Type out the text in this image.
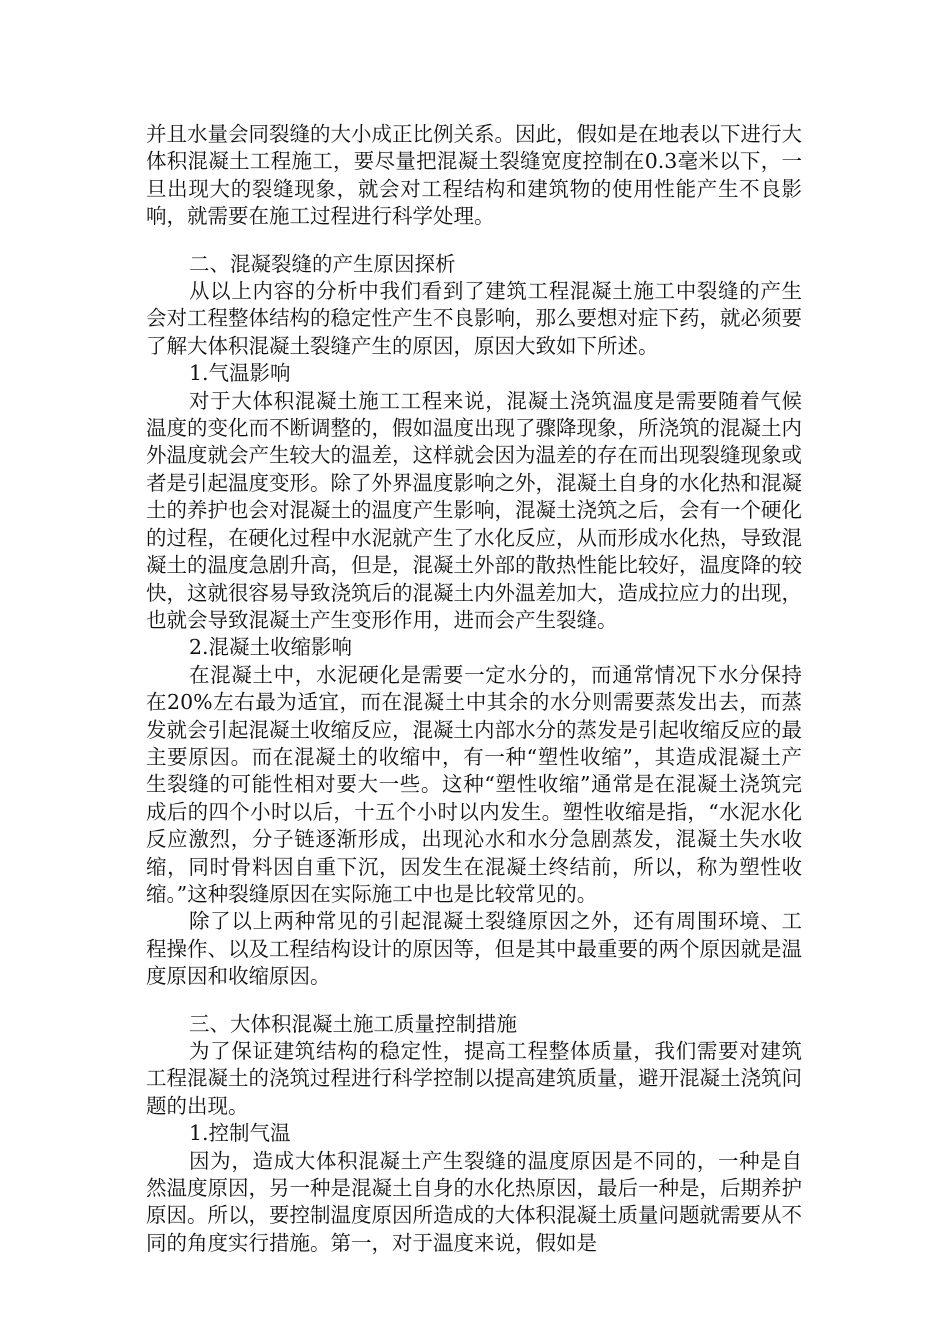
并且水量会同裂缝的大小成正比例关系。因此，假如是在地表以下进行大体积混凝土工程施工，要尽量把混凝土裂缝宽度控制在0.3毫米以下，一旦出现大的裂缝现象，就会对工程结构和建筑物的使用性能产生不良影响，就需要在施工过程进行科学处理。

二、混凝裂缝的产生原因探析

从以上内容的分析中我们看到了建筑工程混凝土施工中裂缝的产生会对工程整体结构的稳定性产生不良影响，那么要想对症下药，就必须要了解大体积混凝土裂缝产生的原因，原因大致如下所述。

1.气温影响

对于大体积混凝土施工工程来说，混凝土浇筑温度是需要随着气候温度的变化而不断调整的，假如温度出现了骤降现象，所浇筑的混凝土内外温度就会产生较大的温差，这样就会因为温差的存在而出现裂缝现象或者是引起温度变形。除了外界温度影响之外，混凝土自身的水化热和混凝土的养护也会对混凝土的温度产生影响，混凝土浇筑之后，会有一个硬化的过程，在硬化过程中水泥就产生了水化反应，从而形成水化热，导致混凝土的温度急剧升高，但是，混凝土外部的散热性能比较好，温度降的较快，这就很容易导致浇筑后的混凝土内外温差加大，造成拉应力的出现，也就会导致混凝土产生变形作用，进而会产生裂缝。

2.混凝土收缩影响

在混凝土中，水泥硬化是需要一定水分的，而通常情况下水分保持在20%左右最为适宜，而在混凝土中其余的水分则需要蒸发出去，而蒸发就会引起混凝土收缩反应，混凝土内部水分的蒸发是引起收缩反应的最主要原因。而在混凝土的收缩中，有一种“塑性收缩”，其造成混凝土产生裂缝的可能性相对要大一些。这种“塑性收缩”通常是在混凝土浇筑完成后的四个小时以后，十五个小时以内发生。塑性收缩是指，“水泥水化反应激烈，分子链逐渐形成，出现沁水和水分急剧蒸发，混凝土失水收缩，同时骨料因自重下沉，因发生在混凝土终结前，所以，称为塑性收缩。”这种裂缝原因在实际施工中也是比较常见的。

除了以上两种常见的引起混凝土裂缝原因之外，还有周围环境、工程操作、以及工程结构设计的原因等，但是其中最重要的两个原因就是温度原因和收缩原因。

三、大体积混凝土施工质量控制措施

为了保证建筑结构的稳定性，提高工程整体质量，我们需要对建筑工程混凝土的浇筑过程进行科学控制以提高建筑质量，避开混凝土浇筑问题的出现。

1.控制气温

因为，造成大体积混凝土产生裂缝的温度原因是不同的，一种是自然温度原因，另一种是混凝土自身的水化热原因，最后一种是，后期养护原因。所以，要控制温度原因所造成的大体积混凝土质量问题就需要从不同的角度实行措施。第一，对于温度来说，假如是
